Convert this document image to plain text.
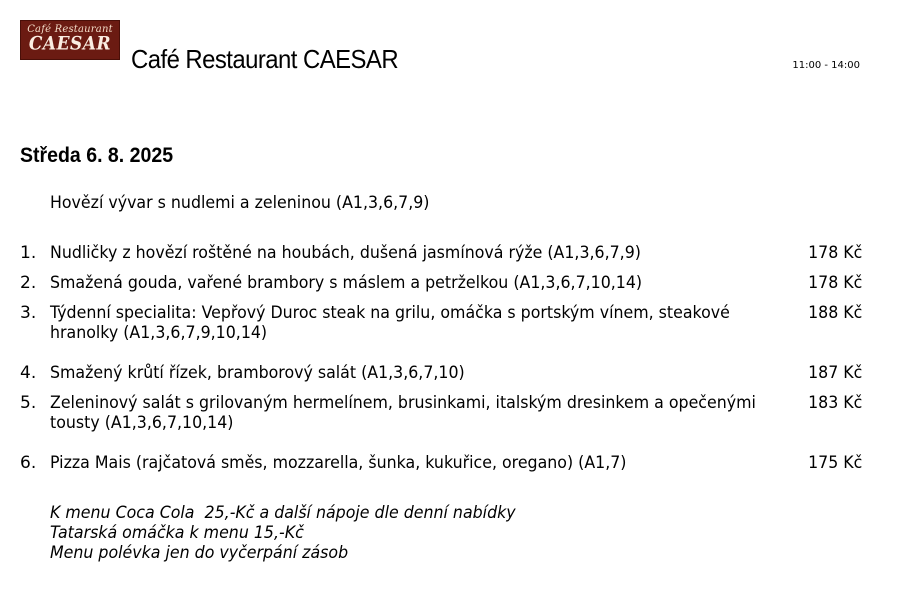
Café Restaurant
CAESAR
Café Restaurant CAESAR	11:00 - 14:00
Středa 6. 8. 2025
Hovězí vývar s nudlemi a zeleninou (A1,3,6,7,9)
1. Nudličky z hovězí roštěné na houbách, dušená jasmínová rýže (A1,3,6,7,9)	178 Kč
2. Smažená gouda, vařené brambory s máslem a petrželkou (A1,3,6,7,10,14)	178 Kč
3. Týdenní specialita: Vepřový Duroc steak na grilu, omáčka s portským vínem, steakové hranolky (A1,3,6,7,9,10,14)
188 Kč
4. Smažený krůtí řízek, bramborový salát (A1,3,6,7,10)	187 Kč
5. Zeleninový salát s grilovaným hermelínem, brusinkami, italským dresinkem a opečenými tousty (A1,3,6,7,10,14)
183 Kč
6. Pizza Mais (rajčatová směs, mozzarella, šunka, kukuřice, oregano) (A1,7)	175 Kč
K menu Coca Cola  25,-Kč a další nápoje dle denní nabídky
Tatarská omáčka k menu 15,-Kč
Menu polévka jen do vyčerpání zásob
